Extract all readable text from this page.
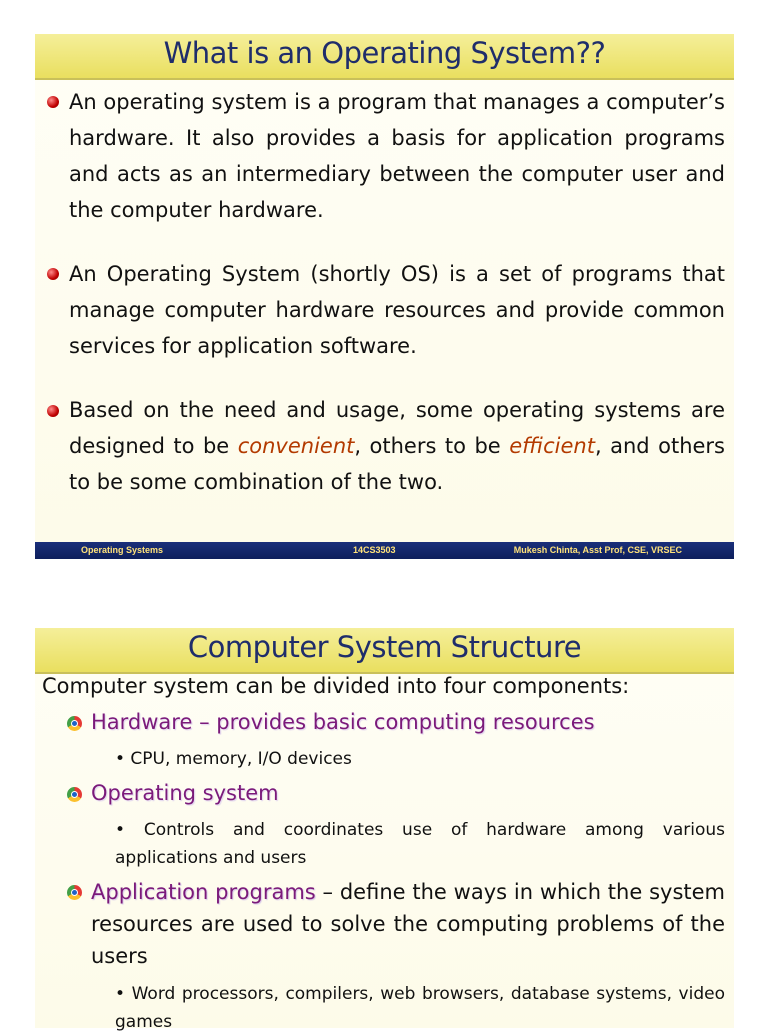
What is an Operating System??
An operating system is a program that manages a computer’s hardware. It also provides a basis for application programs and acts as an intermediary between the computer user and the computer hardware.
An Operating System (shortly OS) is a set of programs that manage computer hardware resources and provide common services for application software.
Based on the need and usage, some operating systems are designed to be convenient, others to be efficient, and others to be some combination of the two.
Operating Systems	14CS3503	Mukesh Chinta, Asst Prof, CSE, VRSEC
Computer System Structure
Computer system can be divided into four components:
Hardware – provides basic computing resources
• CPU, memory, I/O devices
Operating system
• Controls and coordinates use of hardware among various applications and users
Application programs – define the ways in which the system resources are used to solve the computing problems of the users
• Word processors, compilers, web browsers, database systems, video games
